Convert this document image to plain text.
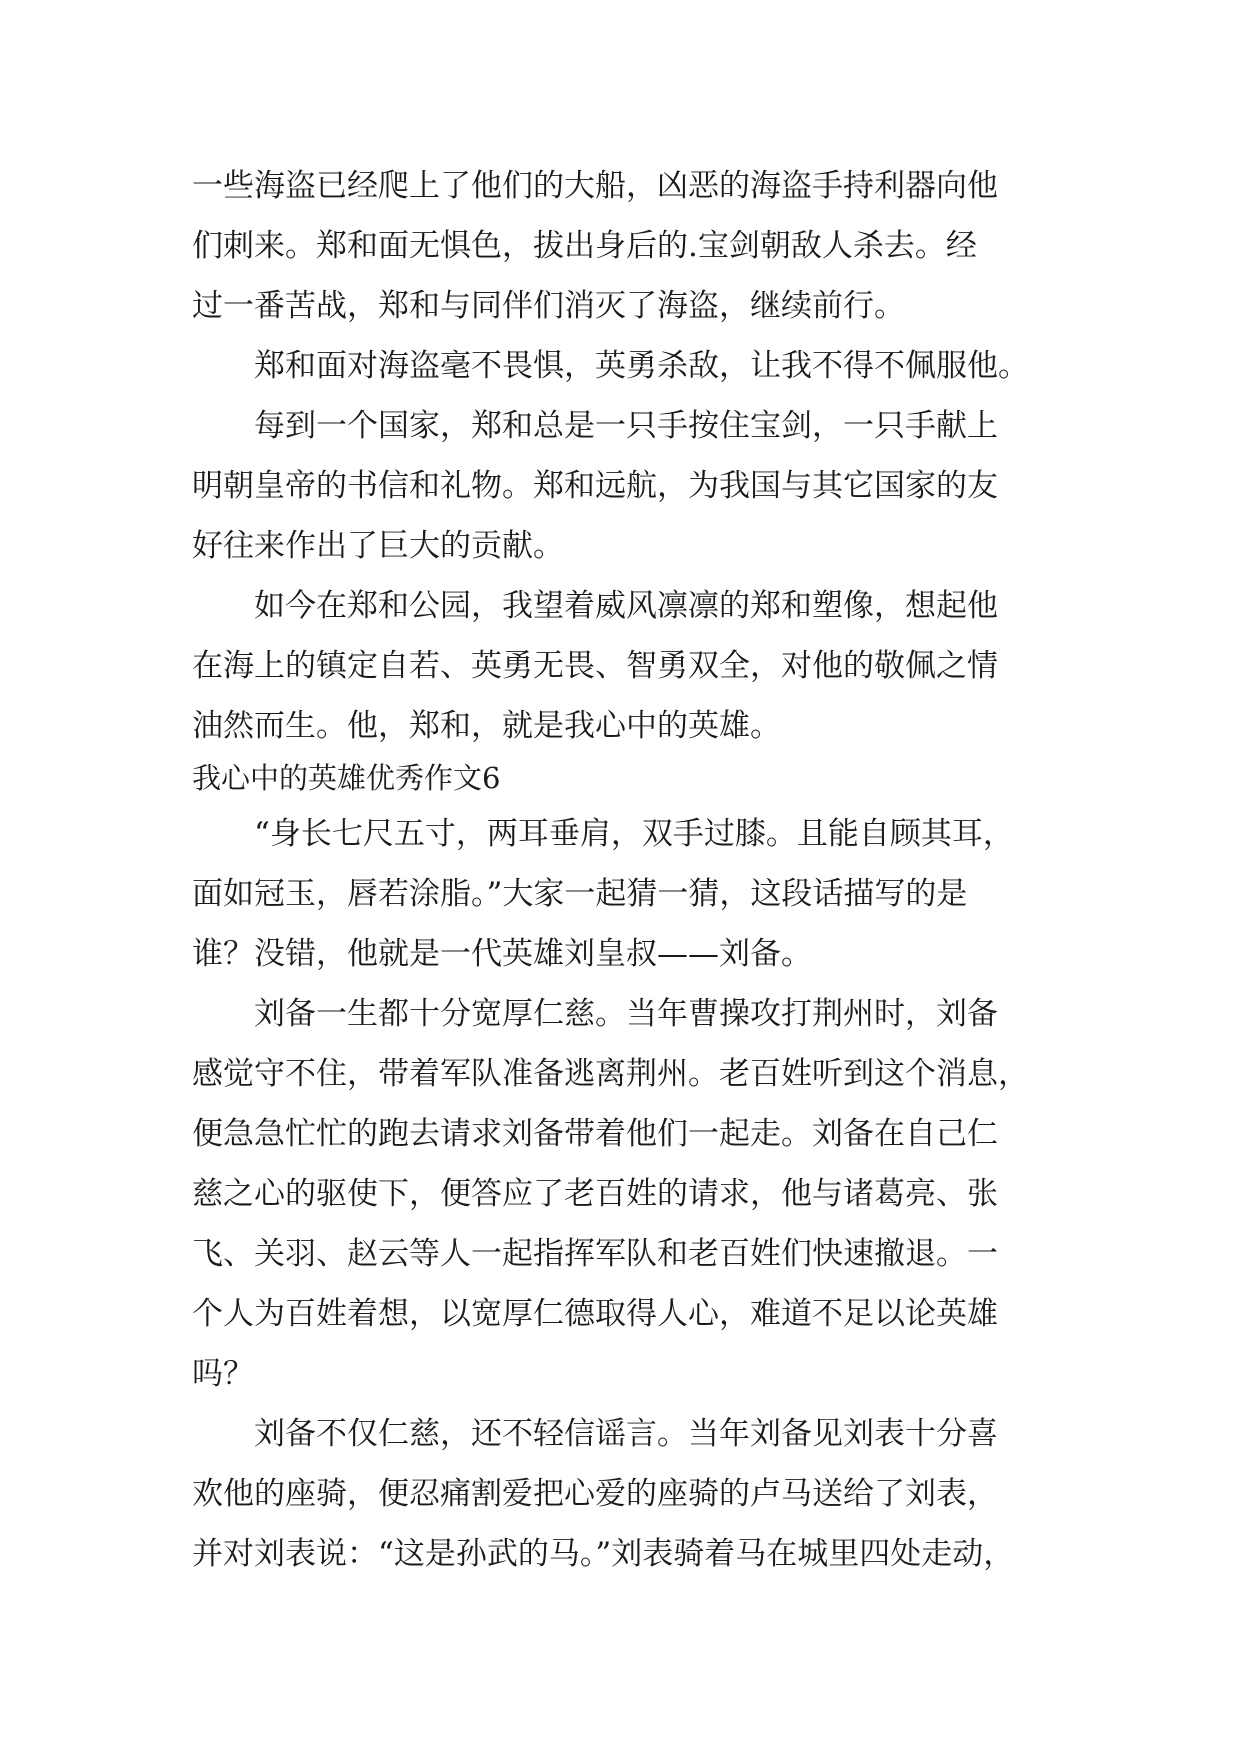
一些海盗已经爬上了他们的大船，凶恶的海盗手持利器向他
们刺来。郑和面无惧色，拔出身后的.宝剑朝敌人杀去。经
过一番苦战，郑和与同伴们消灭了海盗，继续前行。
　　郑和面对海盗毫不畏惧，英勇杀敌，让我不得不佩服他。
　　每到一个国家，郑和总是一只手按住宝剑，一只手献上
明朝皇帝的书信和礼物。郑和远航，为我国与其它国家的友
好往来作出了巨大的贡献。
　　如今在郑和公园，我望着威风凛凛的郑和塑像，想起他
在海上的镇定自若、英勇无畏、智勇双全，对他的敬佩之情
油然而生。他，郑和，就是我心中的英雄。
我心中的英雄优秀作文6
　　“身长七尺五寸，两耳垂肩，双手过膝。且能自顾其耳，
面如冠玉，唇若涂脂。”大家一起猜一猜，这段话描写的是
谁？没错，他就是一代英雄刘皇叔——刘备。
　　刘备一生都十分宽厚仁慈。当年曹操攻打荆州时，刘备
感觉守不住，带着军队准备逃离荆州。老百姓听到这个消息，
便急急忙忙的跑去请求刘备带着他们一起走。刘备在自己仁
慈之心的驱使下，便答应了老百姓的请求，他与诸葛亮、张
飞、关羽、赵云等人一起指挥军队和老百姓们快速撤退。一
个人为百姓着想，以宽厚仁德取得人心，难道不足以论英雄
吗？
　　刘备不仅仁慈，还不轻信谣言。当年刘备见刘表十分喜
欢他的座骑，便忍痛割爱把心爱的座骑的卢马送给了刘表，
并对刘表说：“这是孙武的马。”刘表骑着马在城里四处走动，
